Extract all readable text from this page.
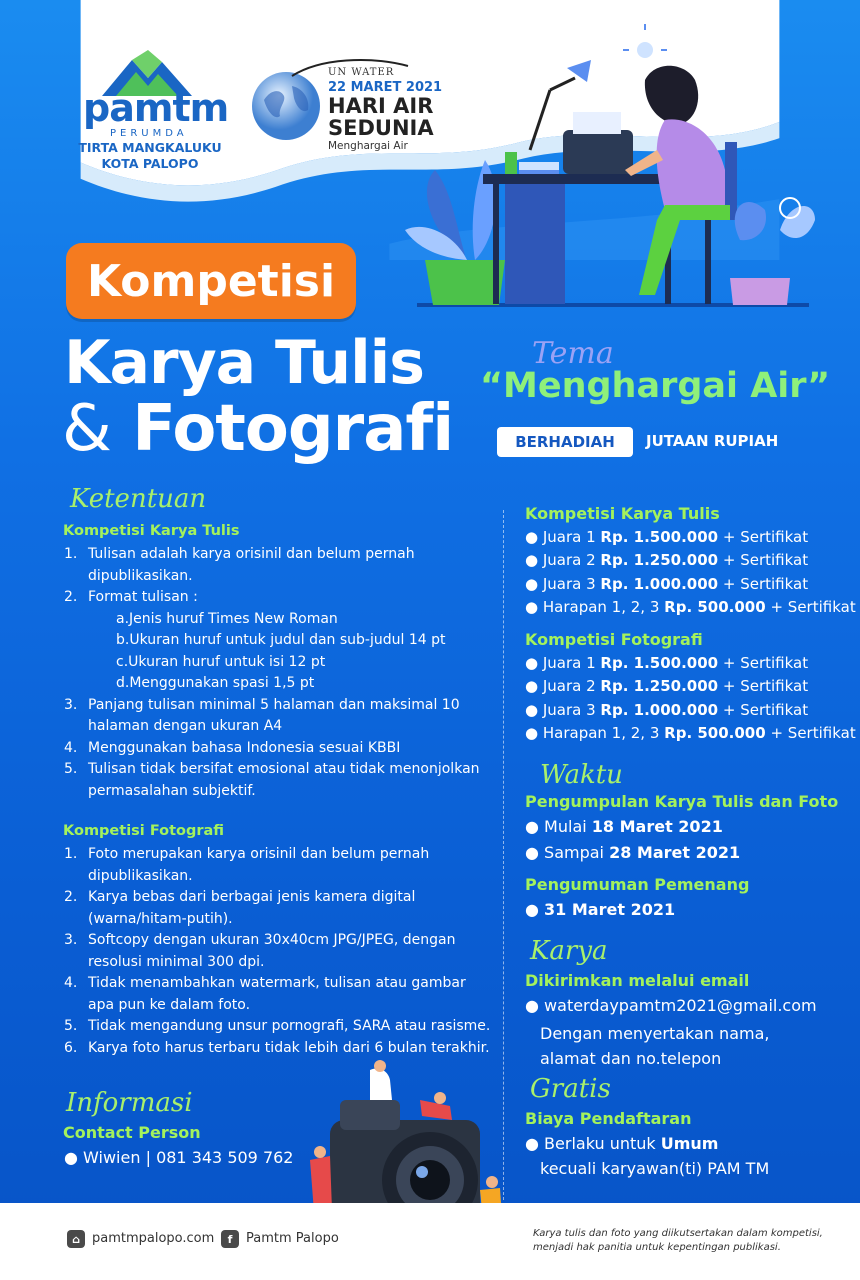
pamtm
PERUMDA
TIRTA MANGKALUKU
KOTA PALOPO
UN WATER
22 MARET 2021
HARI AIR
SEDUNIA
Menghargai Air
Kompetisi
Karya Tulis
& Fotografi
Tema
“Menghargai Air”
BERHADIAH	JUTAAN RUPIAH
Ketentuan
Kompetisi Karya Tulis
1. Tulisan adalah karya orisinil dan belum pernah dipublikasikan.
2. Format tulisan :
a.Jenis huruf Times New Roman
b.Ukuran huruf untuk judul dan sub-judul 14 pt
c.Ukuran huruf untuk isi 12 pt
d.Menggunakan spasi 1,5 pt
3. Panjang tulisan minimal 5 halaman dan maksimal 10 halaman dengan ukuran A4
4. Menggunakan bahasa Indonesia sesuai KBBI
5. Tulisan tidak bersifat emosional atau tidak menonjolkan permasalahan subjektif.
Kompetisi Fotografi
1. Foto merupakan karya orisinil dan belum pernah dipublikasikan.
2. Karya bebas dari berbagai jenis kamera digital (warna/hitam-putih).
3. Softcopy dengan ukuran 30x40cm JPG/JPEG, dengan resolusi minimal 300 dpi.
4. Tidak menambahkan watermark, tulisan atau gambar apa pun ke dalam foto.
5. Tidak mengandung unsur pornografi, SARA atau rasisme.
6. Karya foto harus terbaru tidak lebih dari 6 bulan terakhir.
Informasi
Contact Person
● Wiwien | 081 343 509 762
Kompetisi Karya Tulis
● Juara 1 Rp. 1.500.000 + Sertifikat
● Juara 2 Rp. 1.250.000 + Sertifikat
● Juara 3 Rp. 1.000.000 + Sertifikat
● Harapan 1, 2, 3 Rp. 500.000 + Sertifikat
Kompetisi Fotografi
● Juara 1 Rp. 1.500.000 + Sertifikat
● Juara 2 Rp. 1.250.000 + Sertifikat
● Juara 3 Rp. 1.000.000 + Sertifikat
● Harapan 1, 2, 3 Rp. 500.000 + Sertifikat
Waktu
Pengumpulan Karya Tulis dan Foto
● Mulai 18 Maret 2021
● Sampai 28 Maret 2021
Pengumuman Pemenang
● 31 Maret 2021
Karya
Dikirimkan melalui email
● waterdaypamtm2021@gmail.com
Dengan menyertakan nama,
alamat dan no.telepon
Gratis
Biaya Pendaftaran
● Berlaku untuk Umum
kecuali karyawan(ti) PAM TM
⌂ pamtmpalopo.com	f	Pamtm Palopo	Karya tulis dan foto yang diikutsertakan dalam kompetisi,
menjadi hak panitia untuk kepentingan publikasi.
